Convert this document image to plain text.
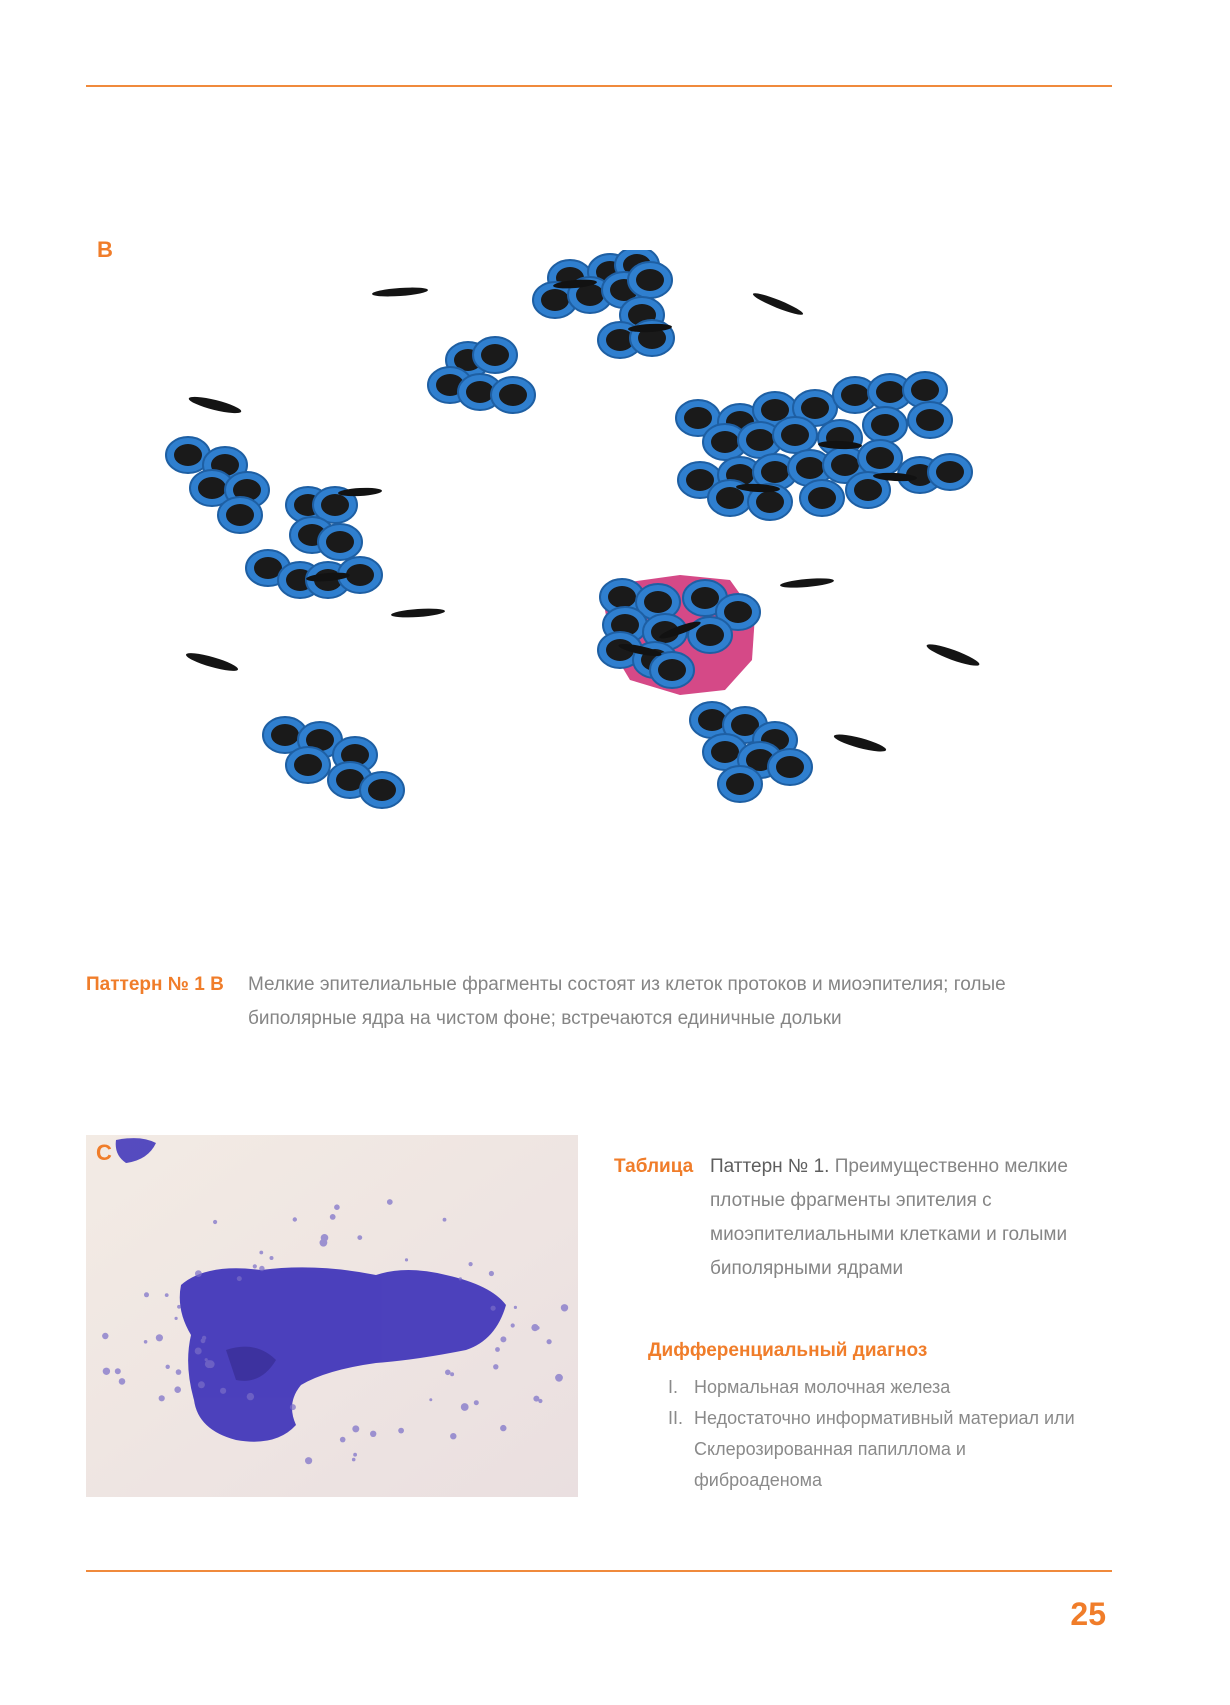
B
Паттерн № 1 B Мелкие эпителиальные фрагменты состоят из клеток протоков и миоэпителия; голые биполярные ядра на чистом фоне; встречаются единичные дольки
C
Таблица Паттерн № 1. Преимущественно мелкие плотные фрагменты эпителия с миоэпителиальными клетками и голыми биполярными ядрами
Дифференциальный диагноз
I. Нормальная молочная железа
II. Недостаточно информативный материал или Склерозированная папиллома и фиброаденома
25
